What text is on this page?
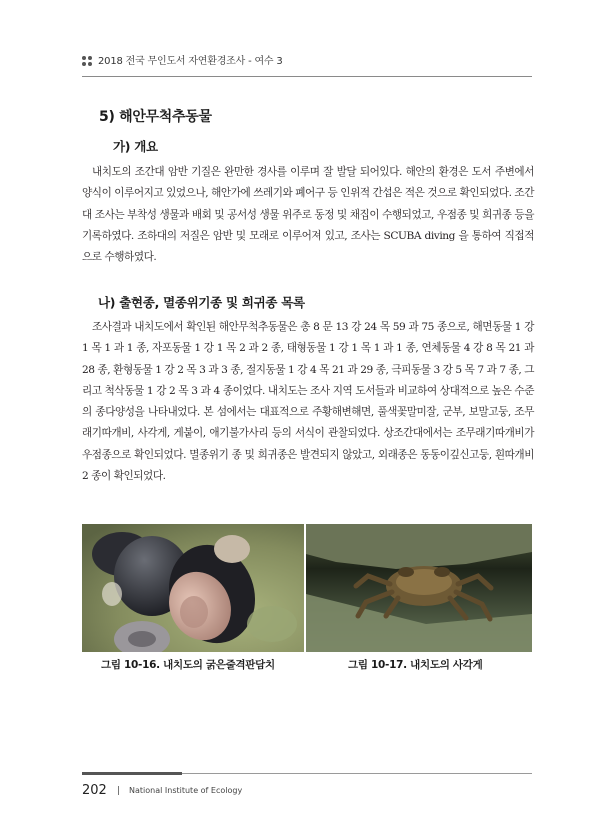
2018 전국 무인도서 자연환경조사 - 여수 3
5) 해안무척추동물
가) 개요

내치도의 조간대 암반 기질은 완만한 경사를 이루며 잘 발달 되어있다. 해안의 환경은 도서 주변에서 양식이 이루어지고 있었으나, 해안가에 쓰레기와 폐어구 등 인위적 간섭은 적은 것으로 확인되었다. 조간대 조사는 부착성 생물과 배회 및 공서성 생물 위주로 동정 및 채집이 수행되었고, 우점종 및 희귀종 등을 기록하였다. 조하대의 저질은 암반 및 모래로 이루어져 있고, 조사는 SCUBA diving 을 통하여 직접적으로 수행하였다.

나) 출현종, 멸종위기종 및 희귀종 목록

조사결과 내치도에서 확인된 해안무척추동물은 총 8 문 13 강 24 목 59 과 75 종으로, 해면동물 1 강 1 목 1 과 1 종, 자포동물 1 강 1 목 2 과 2 종, 태형동물 1 강 1 목 1 과 1 종, 연체동물 4 강 8 목 21 과 28 종, 환형동물 1 강 2 목 3 과 3 종, 절지동물 1 강 4 목 21 과 29 종, 극피동물 3 강 5 목 7 과 7 종, 그리고 척삭동물 1 강 2 목 3 과 4 종이었다. 내치도는 조사 지역 도서들과 비교하여 상대적으로 높은 수준의 종다양성을 나타내었다. 본 섬에서는 대표적으로 주황해변해면, 풀색꽃말미잘, 군부, 보말고둥, 조무래기따개비, 사각게, 게붙이, 애기불가사리 등의 서식이 관찰되었다. 상조간대에서는 조무래기따개비가 우점종으로 확인되었다. 멸종위기 종 및 희귀종은 발견되지 않았고, 외래종은 동동이깊신고둥, 흰따개비 2 종이 확인되었다.

그림 10-16. 내치도의 굵은줄격판담치	그림 10-17. 내치도의 사각게
202	National Institute of Ecology
